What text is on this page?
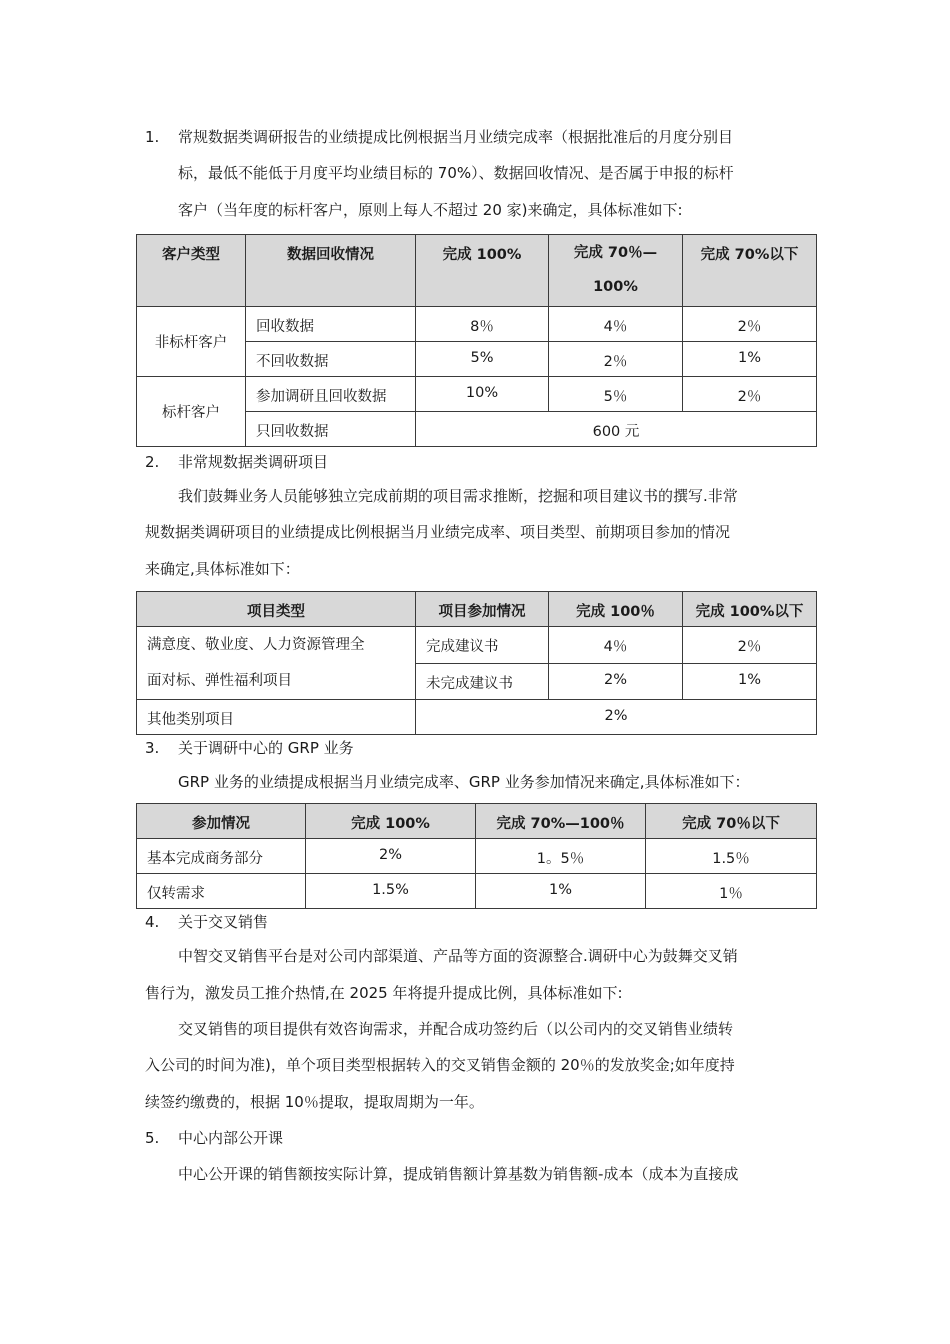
1.	常规数据类调研报告的业绩提成比例根据当月业绩完成率（根据批准后的月度分别目
标，最低不能低于月度平均业绩目标的 70%）、数据回收情况、是否属于申报的标杆
客户（当年度的标杆客户，原则上每人不超过 20 家)来确定，具体标准如下:
客户类型	数据回收情况	完成 100%	完成 70％—
100%	完成 70%以下
非标杆客户	回收数据	8％	4％	2％
	不回收数据	5%	2％	1%
标杆客户	参加调研且回收数据	10%	5％	2％
	只回收数据	600 元		
2.	非常规数据类调研项目
我们鼓舞业务人员能够独立完成前期的项目需求推断，挖掘和项目建议书的撰写.非常
规数据类调研项目的业绩提成比例根据当月业绩完成率、项目类型、前期项目参加的情况
来确定,具体标准如下：
项目类型	项目参加情况	完成 100％	完成 100%以下

满意度、敬业度、人力资源管理全
面对标、弹性福利项目	完成建议书	4％	2％
	未完成建议书	2%	1%
其他类别项目	2%		
3.	关于调研中心的 GRP 业务
GRP 业务的业绩提成根据当月业绩完成率、GRP 业务参加情况来确定,具体标准如下：
参加情况	完成 100%	完成 70%—100％	完成 70％以下
基本完成商务部分	2%	1。5％	1.5％
仅转需求	1.5%	1%	1％
4.	关于交叉销售
中智交叉销售平台是对公司内部渠道、产品等方面的资源整合.调研中心为鼓舞交叉销
售行为，激发员工推介热情,在 2025 年将提升提成比例，具体标准如下:
交叉销售的项目提供有效咨询需求，并配合成功签约后（以公司内的交叉销售业绩转
入公司的时间为准)，单个项目类型根据转入的交叉销售金额的 20％的发放奖金;如年度持
续签约缴费的，根据 10％提取，提取周期为一年。
5.	中心内部公开课
中心公开课的销售额按实际计算，提成销售额计算基数为销售额-成本（成本为直接成
